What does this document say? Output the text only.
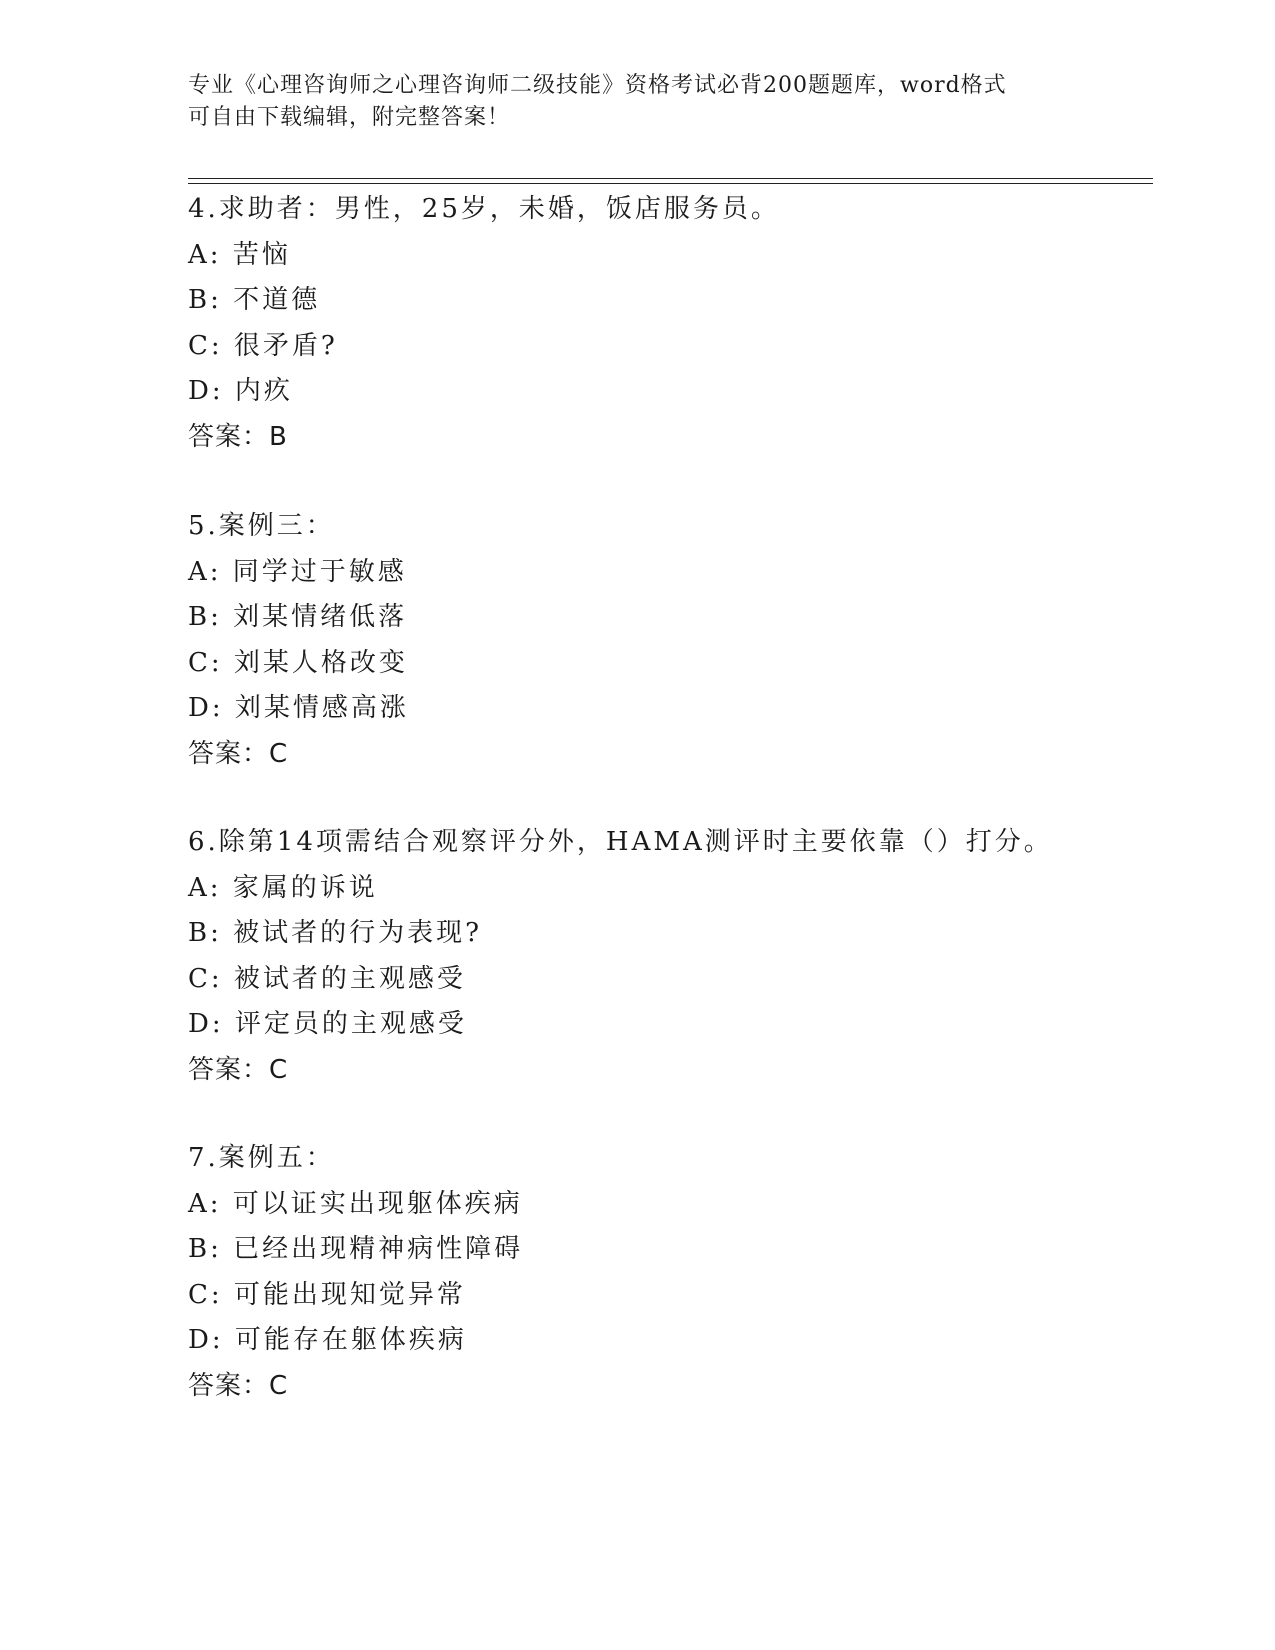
专业《心理咨询师之心理咨询师二级技能》资格考试必背200题题库，word格式
可自由下载编辑，附完整答案！
4.求助者：男性，25岁，未婚，饭店服务员。
A: 苦恼
B: 不道德
C: 很矛盾?
D: 内疚
答案：B
5.案例三：
A: 同学过于敏感
B: 刘某情绪低落
C: 刘某人格改变
D: 刘某情感高涨
答案：C
6.除第14项需结合观察评分外，HAMA测评时主要依靠（）打分。
A: 家属的诉说
B: 被试者的行为表现?
C: 被试者的主观感受
D: 评定员的主观感受
答案：C
7.案例五：
A: 可以证实出现躯体疾病
B: 已经出现精神病性障碍
C: 可能出现知觉异常
D: 可能存在躯体疾病
答案：C
